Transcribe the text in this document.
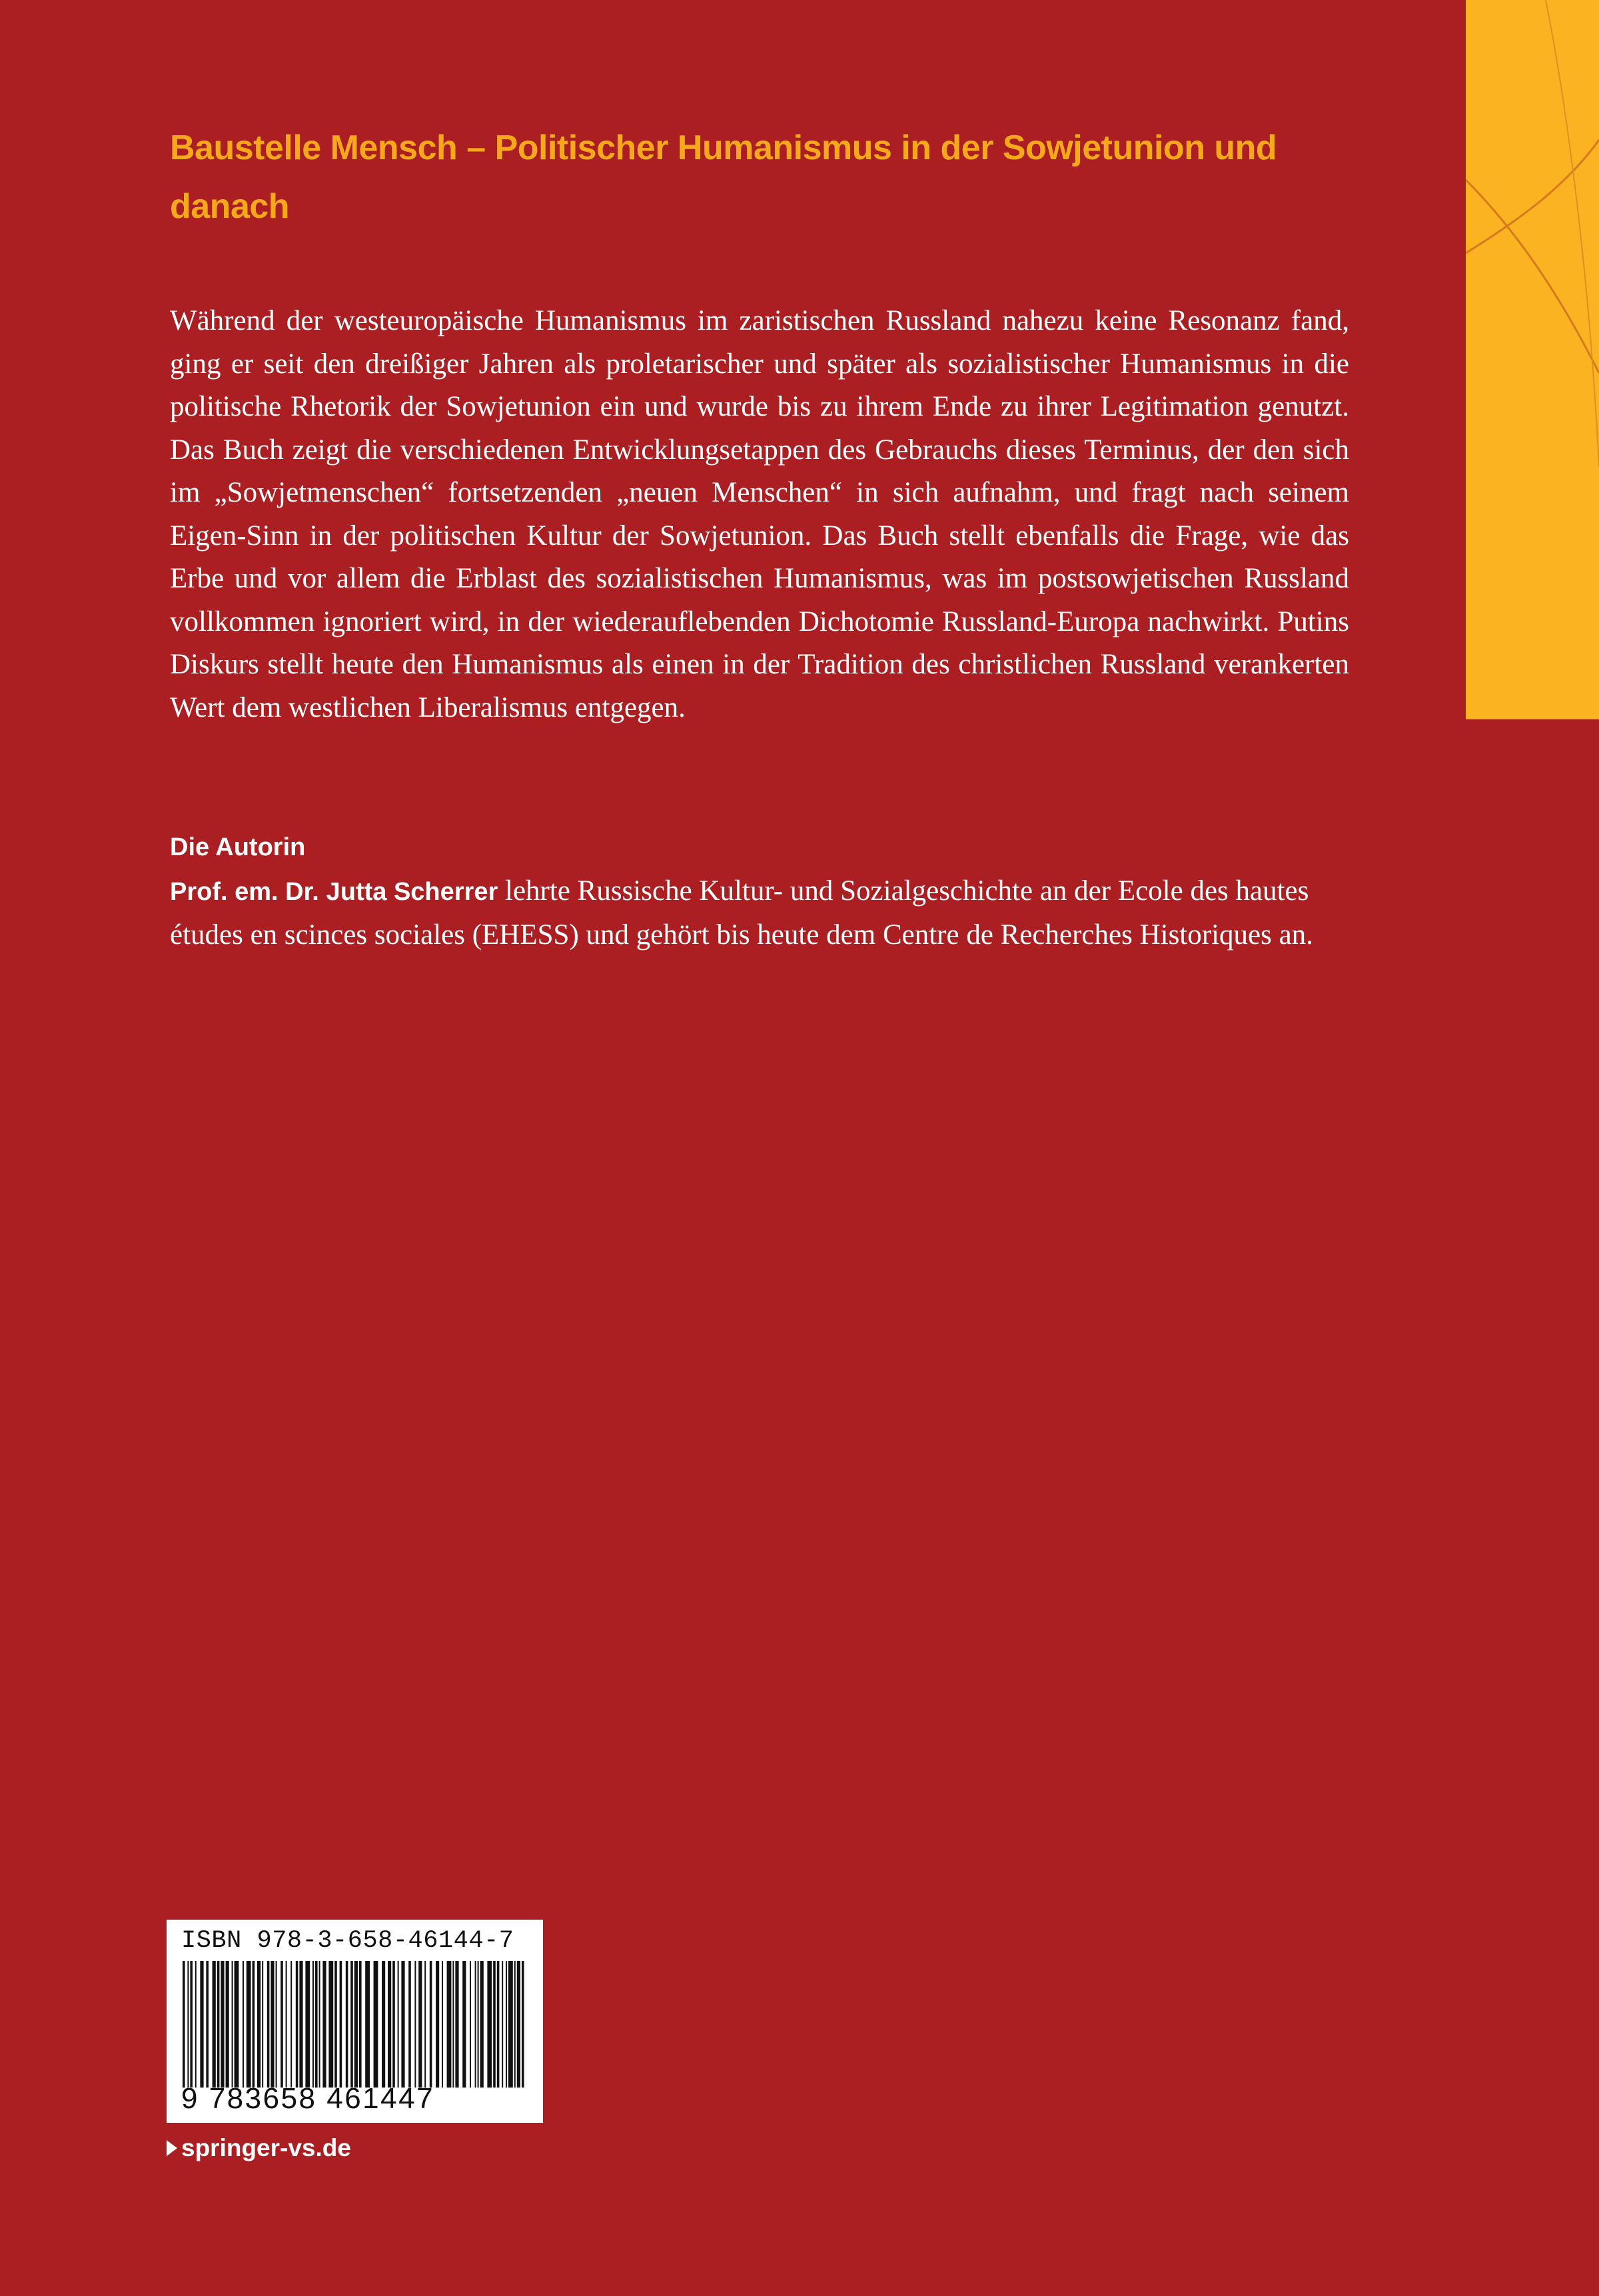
Baustelle Mensch – Politischer Humanismus in der Sowjetunion und danach

Während der westeuropäische Humanismus im zaristischen Russland nahezu keine Resonanz fand, ging er seit den dreißiger Jahren als proletarischer und später als sozialistischer Humanismus in die politische Rhetorik der Sowjetunion ein und wurde bis zu ihrem Ende zu ihrer Legitimation genutzt. Das Buch zeigt die verschiedenen Entwicklungsetappen des Gebrauchs dieses Terminus, der den sich im „Sowjetmenschen“ fortsetzenden „neuen Menschen“ in sich aufnahm, und fragt nach seinem Eigen-Sinn in der politischen Kultur der Sowjetunion. Das Buch stellt ebenfalls die Frage, wie das Erbe und vor allem die Erblast des sozialistischen Humanismus, was im postsowjetischen Russland vollkommen ignoriert wird, in der wiederauflebenden Dichotomie Russland-Europa nachwirkt. Putins Diskurs stellt heute den Humanismus als einen in der Tradition des christlichen Russland verankerten Wert dem westlichen Liberalismus entgegen.

Die Autorin

Prof. em. Dr. Jutta Scherrer lehrte Russische Kultur- und Sozialgeschichte an der Ecole des hautes études en scinces sociales (EHESS) und gehört bis heute dem Centre de Recherches Historiques an.

ISBN 978-3-658-46144-7
9 783658 461447
springer-vs.de
